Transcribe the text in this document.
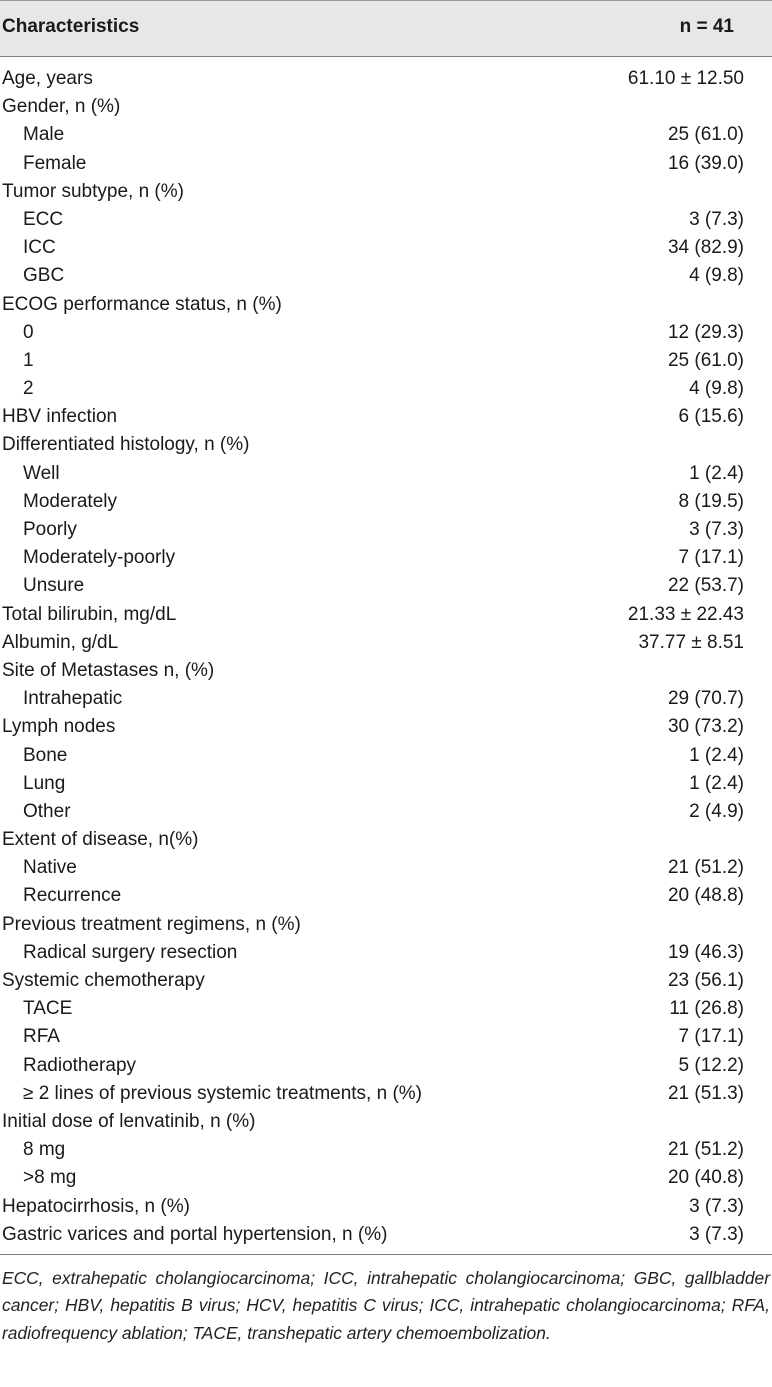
Characteristics	n = 41
Age, years	61.10 ± 12.50
Gender, n (%)
Male	25 (61.0)
Female	16 (39.0)
Tumor subtype, n (%)
ECC	3 (7.3)
ICC	34 (82.9)
GBC	4 (9.8)
ECOG performance status, n (%)
0	12 (29.3)
1	25 (61.0)
2	4 (9.8)
HBV infection	6 (15.6)
Differentiated histology, n (%)
Well	1 (2.4)
Moderately	8 (19.5)
Poorly	3 (7.3)
Moderately-poorly	7 (17.1)
Unsure	22 (53.7)
Total bilirubin, mg/dL	21.33 ± 22.43
Albumin, g/dL	37.77 ± 8.51
Site of Metastases n, (%)
Intrahepatic	29 (70.7)
Lymph nodes	30 (73.2)
Bone	1 (2.4)
Lung	1 (2.4)
Other	2 (4.9)
Extent of disease, n(%)
Native	21 (51.2)
Recurrence	20 (48.8)
Previous treatment regimens, n (%)
Radical surgery resection	19 (46.3)
Systemic chemotherapy	23 (56.1)
TACE	11 (26.8)
RFA	7 (17.1)
Radiotherapy	5 (12.2)
≥ 2 lines of previous systemic treatments, n (%)	21 (51.3)
Initial dose of lenvatinib, n (%)
8 mg	21 (51.2)
>8 mg	20 (40.8)
Hepatocirrhosis, n (%)	3 (7.3)
Gastric varices and portal hypertension, n (%)	3 (7.3)
ECC, extrahepatic cholangiocarcinoma; ICC, intrahepatic cholangiocarcinoma; GBC, gallbladder cancer; HBV, hepatitis B virus; HCV, hepatitis C virus; ICC, intrahepatic cholangiocarcinoma; RFA, radiofrequency ablation; TACE, transhepatic artery chemoembolization.
